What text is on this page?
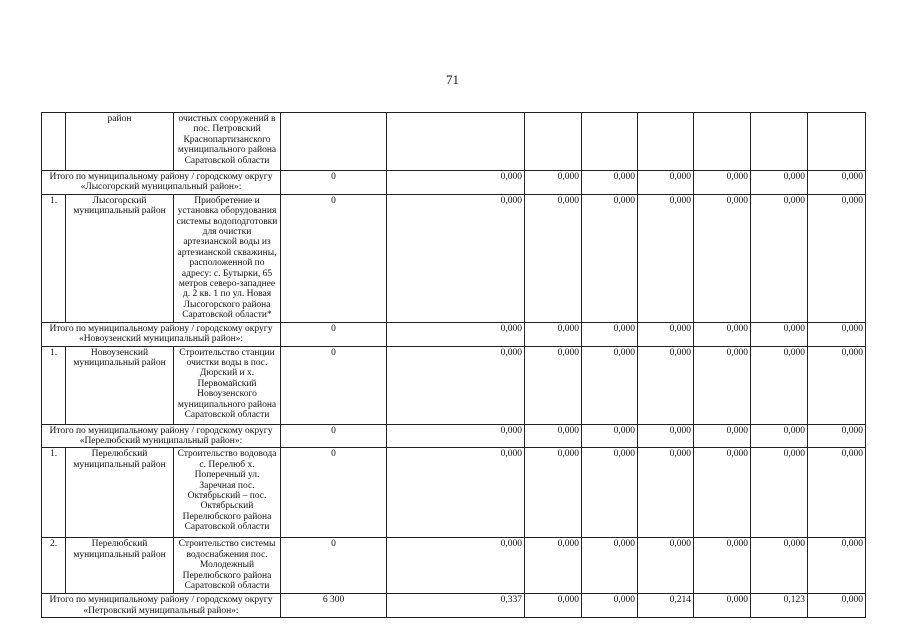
71
	район	очистных сооружений в пос. Петровский Краснопартизанского муниципального района Саратовской области								
Итого по муниципальному району / городскому округу «Лысогорский муниципальный район»:			0	0,000	0,000	0,000	0,000	0,000	0,000	0,000
1.	Лысогорский муниципальный район	Приобретение и установка оборудования системы водоподготовки для очистки артезианской воды из артезианской скважины, расположенной по адресу: с. Бутырки, 65 метров северо-западнее д. 2 кв. 1 по ул. Новая Лысогорского района Саратовской области*	0	0,000	0,000	0,000	0,000	0,000	0,000	0,000
Итого по муниципальному району / городскому округу «Новоузенский муниципальный район»:			0	0,000	0,000	0,000	0,000	0,000	0,000	0,000
1.	Новоузенский муниципальный район	Строительство станции очистки воды в пос. Дюрский и х. Первомайский Новоузенского муниципального района Саратовской области	0	0,000	0,000	0,000	0,000	0,000	0,000	0,000
Итого по муниципальному району / городскому округу «Перелюбский муниципальный район»:			0	0,000	0,000	0,000	0,000	0,000	0,000	0,000
1.	Перелюбский муниципальный район	Строительство водовода с. Перелюб х. Поперечный ул. Заречная пос. Октябрьский – пос. Октябрьский Перелюбского района Саратовской области	0	0,000	0,000	0,000	0,000	0,000	0,000	0,000
2.	Перелюбский муниципальный район	Строительство системы водоснабжения пос. Молодежный Перелюбского района Саратовской области	0	0,000	0,000	0,000	0,000	0,000	0,000	0,000
Итого по муниципальному району / городскому округу «Петровский муниципальный район»:			6 300	0,337	0,000	0,000	0,214	0,000	0,123	0,000
